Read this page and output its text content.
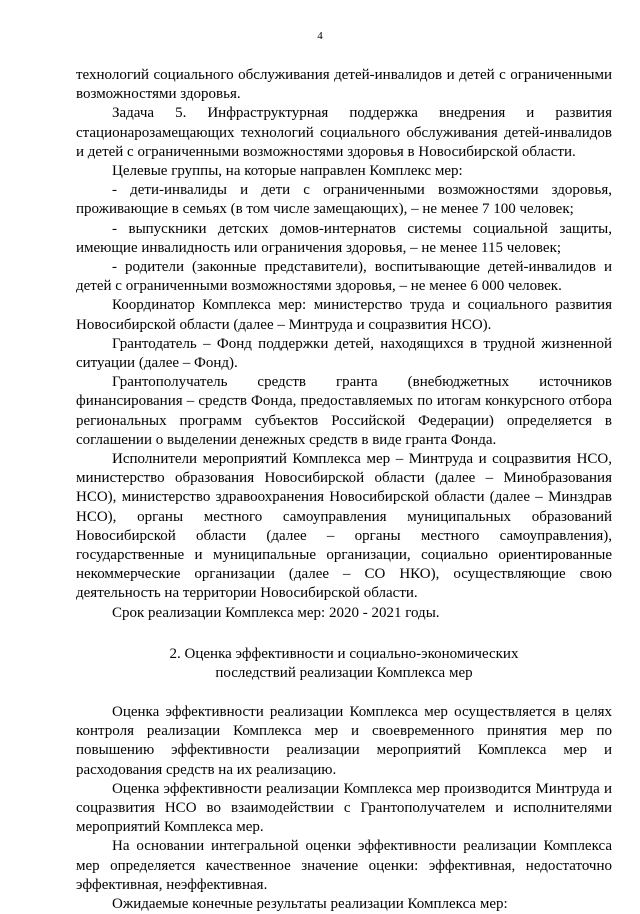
4

технологий социального обслуживания детей-инвалидов и детей с ограниченными возможностями здоровья.

Задача 5. Инфраструктурная поддержка внедрения и развития стационарозамещающих технологий социального обслуживания детей-инвалидов и детей с ограниченными возможностями здоровья в Новосибирской области.

Целевые группы, на которые направлен Комплекс мер:

- дети-инвалиды и дети с ограниченными возможностями здоровья, проживающие в семьях (в том числе замещающих), – не менее 7 100 человек;

- выпускники детских домов-интернатов системы социальной защиты, имеющие инвалидность или ограничения здоровья, – не менее 115 человек;

- родители (законные представители), воспитывающие детей-инвалидов и детей с ограниченными возможностями здоровья, – не менее 6 000 человек.

Координатор Комплекса мер: министерство труда и социального развития Новосибирской области (далее – Минтруда и соцразвития НСО).

Грантодатель – Фонд поддержки детей, находящихся в трудной жизненной ситуации (далее – Фонд).

Грантополучатель средств гранта (внебюджетных источников финансирования – средств Фонда, предоставляемых по итогам конкурсного отбора региональных программ субъектов Российской Федерации) определяется в соглашении о выделении денежных средств в виде гранта Фонда.

Исполнители мероприятий Комплекса мер – Минтруда и соцразвития НСО, министерство образования Новосибирской области (далее – Минобразования НСО), министерство здравоохранения Новосибирской области (далее – Минздрав НСО), органы местного самоуправления муниципальных образований Новосибирской области (далее – органы местного самоуправления), государственные и муниципальные организации, социально ориентированные некоммерческие организации (далее – СО НКО), осуществляющие свою деятельность на территории Новосибирской области.

Срок реализации Комплекса мер: 2020 - 2021 годы.

2. Оценка эффективности и социально-экономических
последствий реализации Комплекса мер

Оценка эффективности реализации Комплекса мер осуществляется в целях контроля реализации Комплекса мер и своевременного принятия мер по повышению эффективности реализации мероприятий Комплекса мер и расходования средств на их реализацию.

Оценка эффективности реализации Комплекса мер производится Минтруда и соцразвития НСО во взаимодействии с Грантополучателем и исполнителями мероприятий Комплекса мер.

На основании интегральной оценки эффективности реализации Комплекса мер определяется качественное значение оценки: эффективная, недостаточно эффективная, неэффективная.

Ожидаемые конечные результаты реализации Комплекса мер:
